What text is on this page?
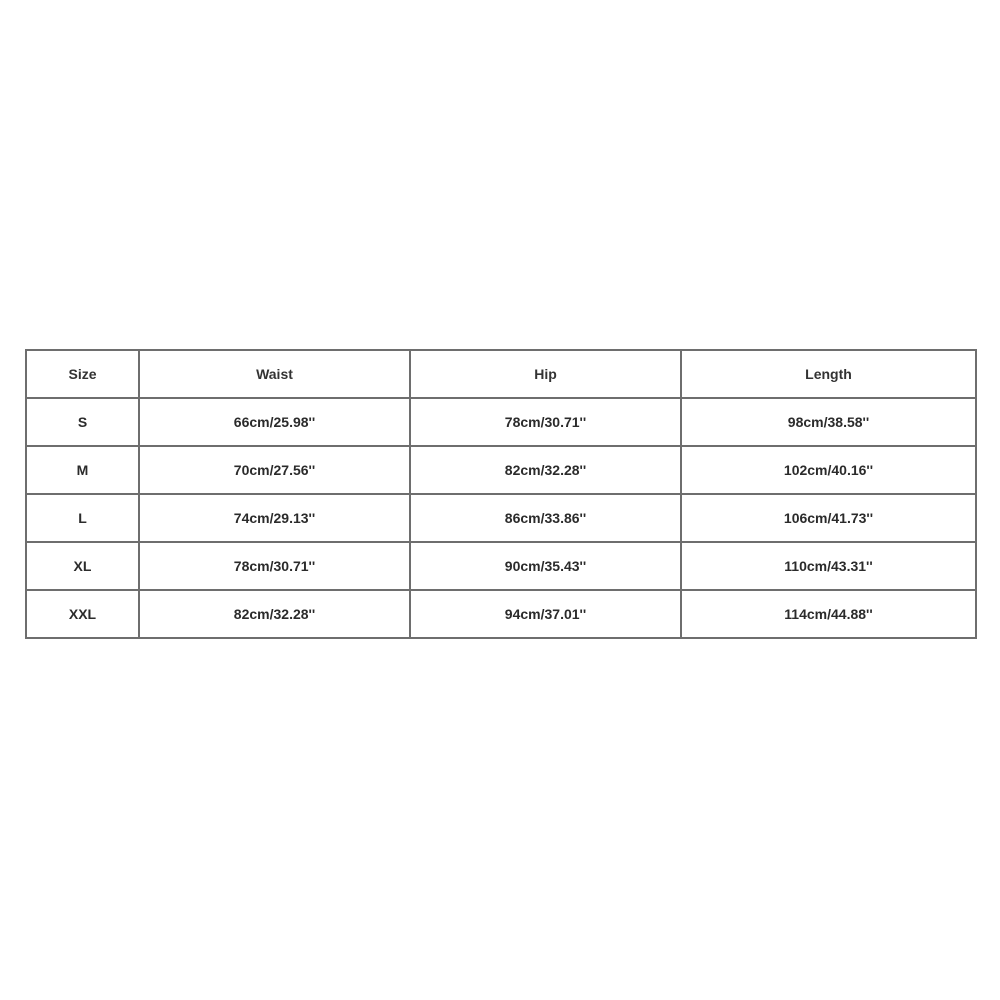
Size	Waist	Hip	Length
S	66cm/25.98''	78cm/30.71''	98cm/38.58''
M	70cm/27.56''	82cm/32.28''	102cm/40.16''
L	74cm/29.13''	86cm/33.86''	106cm/41.73''
XL	78cm/30.71''	90cm/35.43''	110cm/43.31''
XXL	82cm/32.28''	94cm/37.01''	114cm/44.88''
